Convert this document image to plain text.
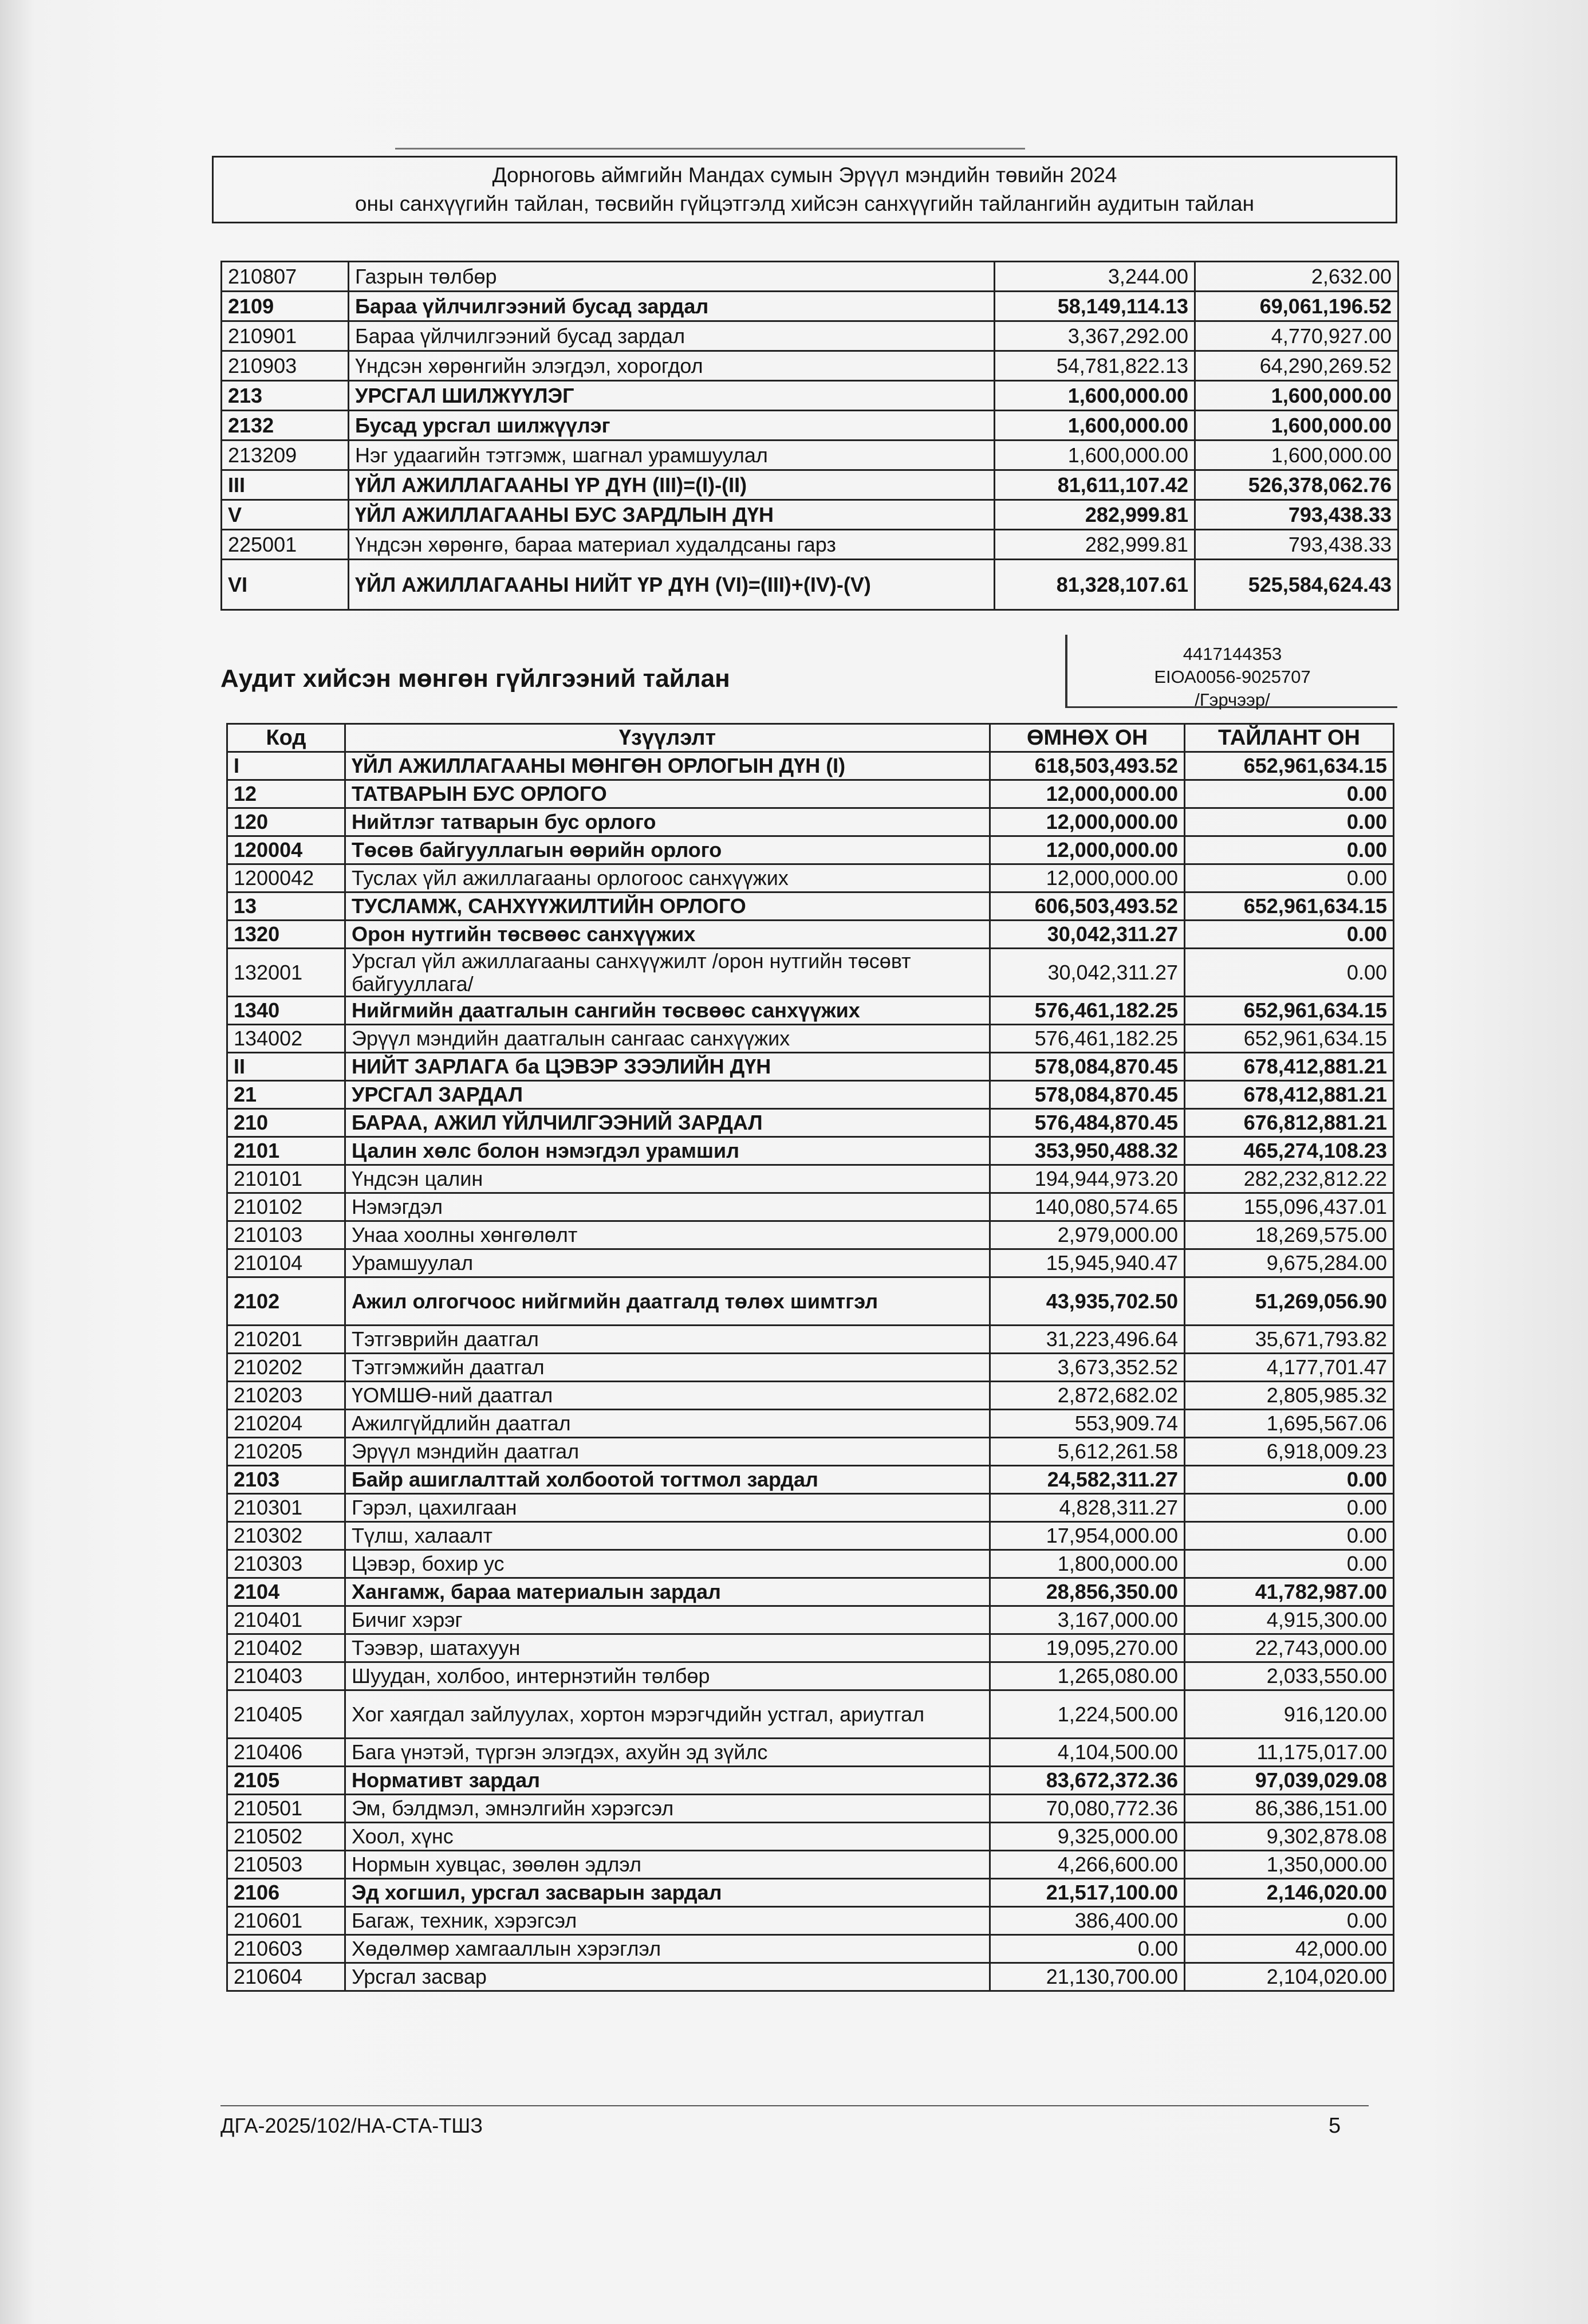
Дорноговь аймгийн Мандах сумын Эрүүл мэндийн төвийн 2024
оны санхүүгийн тайлан, төсвийн гүйцэтгэлд хийсэн санхүүгийн тайлангийн аудитын тайлан
210807	Газрын төлбөр	3,244.00	2,632.00
2109	Бараа үйлчилгээний бусад зардал	58,149,114.13	69,061,196.52
210901	Бараа үйлчилгээний бусад зардал	3,367,292.00	4,770,927.00
210903	Үндсэн хөрөнгийн элэгдэл, хорогдол	54,781,822.13	64,290,269.52
213	УРСГАЛ ШИЛЖҮҮЛЭГ	1,600,000.00	1,600,000.00
2132	Бусад урсгал шилжүүлэг	1,600,000.00	1,600,000.00
213209	Нэг удаагийн тэтгэмж, шагнал урамшуулал	1,600,000.00	1,600,000.00
III	ҮЙЛ АЖИЛЛАГААНЫ ҮР ДҮН (III)=(I)-(II)	81,611,107.42	526,378,062.76
V	ҮЙЛ АЖИЛЛАГААНЫ БУС ЗАРДЛЫН ДҮН	282,999.81	793,438.33
225001	Үндсэн хөрөнгө, бараа материал худалдсаны гарз	282,999.81	793,438.33
VI	ҮЙЛ АЖИЛЛАГААНЫ НИЙТ ҮР ДҮН (VI)=(III)+(IV)-(V)	81,328,107.61	525,584,624.43
Аудит хийсэн мөнгөн гүйлгээний тайлан
4417144353
ЕІОА0056-9025707
/Гэрчээр/
Код	Үзүүлэлт	ӨМНӨХ ОН	ТАЙЛАНТ ОН
I	ҮЙЛ АЖИЛЛАГААНЫ МӨНГӨН ОРЛОГЫН ДҮН (I)	618,503,493.52	652,961,634.15
12	ТАТВАРЫН БУС ОРЛОГО	12,000,000.00	0.00
120	Нийтлэг татварын бус орлого	12,000,000.00	0.00
120004	Төсөв байгууллагын өөрийн орлого	12,000,000.00	0.00
1200042	Туслах үйл ажиллагааны орлогоос санхүүжих	12,000,000.00	0.00
13	ТУСЛАМЖ, САНХҮҮЖИЛТИЙН ОРЛОГО	606,503,493.52	652,961,634.15
1320	Орон нутгийн төсвөөс санхүүжих	30,042,311.27	0.00
132001	Урсгал үйл ажиллагааны санхүүжилт /орон нутгийн төсөвт байгууллага/	30,042,311.27	0.00
1340	Нийгмийн даатгалын сангийн төсвөөс санхүүжих	576,461,182.25	652,961,634.15
134002	Эрүүл мэндийн даатгалын сангаас санхүүжих	576,461,182.25	652,961,634.15
II	НИЙТ ЗАРЛАГА ба ЦЭВЭР ЗЭЭЛИЙН ДҮН	578,084,870.45	678,412,881.21
21	УРСГАЛ ЗАРДАЛ	578,084,870.45	678,412,881.21
210	БАРАА, АЖИЛ ҮЙЛЧИЛГЭЭНИЙ ЗАРДАЛ	576,484,870.45	676,812,881.21
2101	Цалин хөлс болон нэмэгдэл урамшил	353,950,488.32	465,274,108.23
210101	Үндсэн цалин	194,944,973.20	282,232,812.22
210102	Нэмэгдэл	140,080,574.65	155,096,437.01
210103	Унаа хоолны хөнгөлөлт	2,979,000.00	18,269,575.00
210104	Урамшуулал	15,945,940.47	9,675,284.00
2102	Ажил олгогчоос нийгмийн даатгалд төлөх шимтгэл	43,935,702.50	51,269,056.90
210201	Тэтгэврийн даатгал	31,223,496.64	35,671,793.82
210202	Тэтгэмжийн даатгал	3,673,352.52	4,177,701.47
210203	ҮОМШӨ-ний даатгал	2,872,682.02	2,805,985.32
210204	Ажилгүйдлийн даатгал	553,909.74	1,695,567.06
210205	Эрүүл мэндийн даатгал	5,612,261.58	6,918,009.23
2103	Байр ашиглалттай холбоотой тогтмол зардал	24,582,311.27	0.00
210301	Гэрэл, цахилгаан	4,828,311.27	0.00
210302	Түлш, халаалт	17,954,000.00	0.00
210303	Цэвэр, бохир ус	1,800,000.00	0.00
2104	Хангамж, бараа материалын зардал	28,856,350.00	41,782,987.00
210401	Бичиг хэрэг	3,167,000.00	4,915,300.00
210402	Тээвэр, шатахуун	19,095,270.00	22,743,000.00
210403	Шуудан, холбоо, интернэтийн төлбөр	1,265,080.00	2,033,550.00
210405	Хог хаягдал зайлуулах, хортон мэрэгчдийн устгал, ариутгал	1,224,500.00	916,120.00
210406	Бага үнэтэй, түргэн элэгдэх, ахуйн эд зүйлс	4,104,500.00	11,175,017.00
2105	Нормативт зардал	83,672,372.36	97,039,029.08
210501	Эм, бэлдмэл, эмнэлгийн хэрэгсэл	70,080,772.36	86,386,151.00
210502	Хоол, хүнс	9,325,000.00	9,302,878.08
210503	Нормын хувцас, зөөлөн эдлэл	4,266,600.00	1,350,000.00
2106	Эд хогшил, урсгал засварын зардал	21,517,100.00	2,146,020.00
210601	Багаж, техник, хэрэгсэл	386,400.00	0.00
210603	Хөдөлмөр хамгааллын хэрэглэл	0.00	42,000.00
210604	Урсгал засвар	21,130,700.00	2,104,020.00
ДГА-2025/102/НА-СТА-ТШЗ	5
